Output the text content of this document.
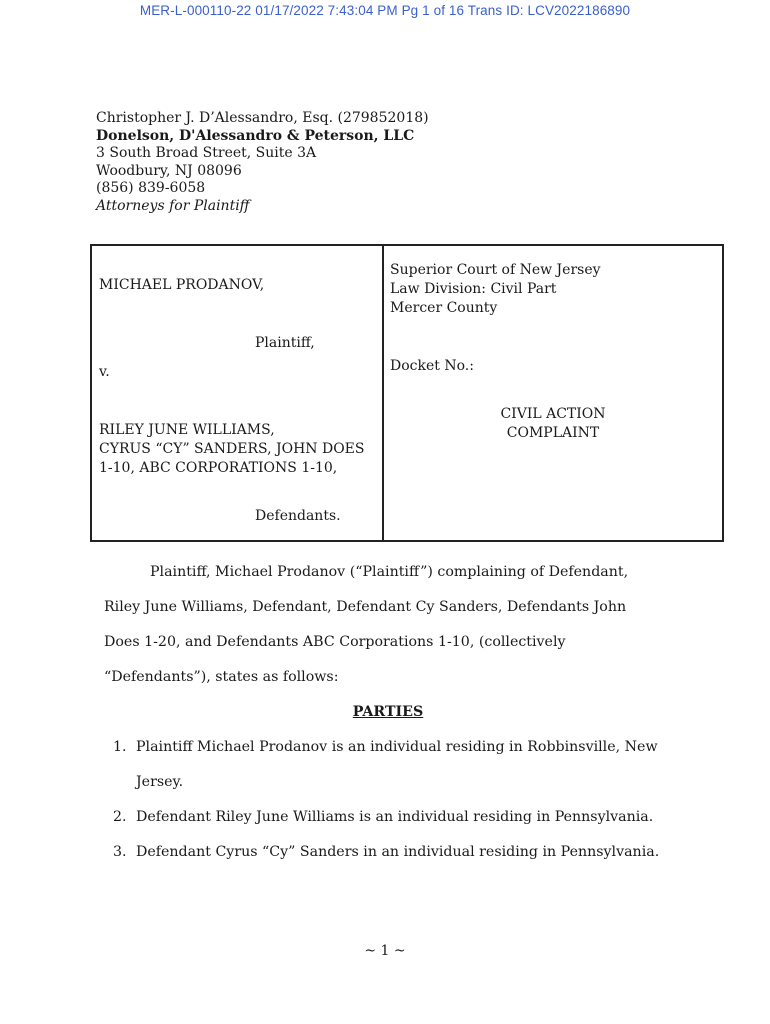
MER-L-000110-22 01/17/2022 7:43:04 PM Pg 1 of 16 Trans ID: LCV2022186890
Christopher J. D’Alessandro, Esq. (279852018)
Donelson, D'Alessandro & Peterson, LLC
3 South Broad Street, Suite 3A
Woodbury, NJ 08096
(856) 839-6058
Attorneys for Plaintiff
MICHAEL PRODANOV,
Plaintiff,
v.
RILEY JUNE WILLIAMS,
CYRUS “CY” SANDERS, JOHN DOES
1-10, ABC CORPORATIONS 1-10,
Defendants.
Superior Court of New Jersey
Law Division: Civil Part
Mercer County
Docket No.:
CIVIL ACTION
COMPLAINT
Plaintiff, Michael Prodanov (“Plaintiff”) complaining of Defendant,
Riley June Williams, Defendant, Defendant Cy Sanders, Defendants John
Does 1-20, and Defendants ABC Corporations 1-10, (collectively
“Defendants”), states as follows:
PARTIES
1. Plaintiff Michael Prodanov is an individual residing in Robbinsville, New
Jersey.
2. Defendant Riley June Williams is an individual residing in Pennsylvania.
3. Defendant Cyrus “Cy” Sanders in an individual residing in Pennsylvania.
~ 1 ~
